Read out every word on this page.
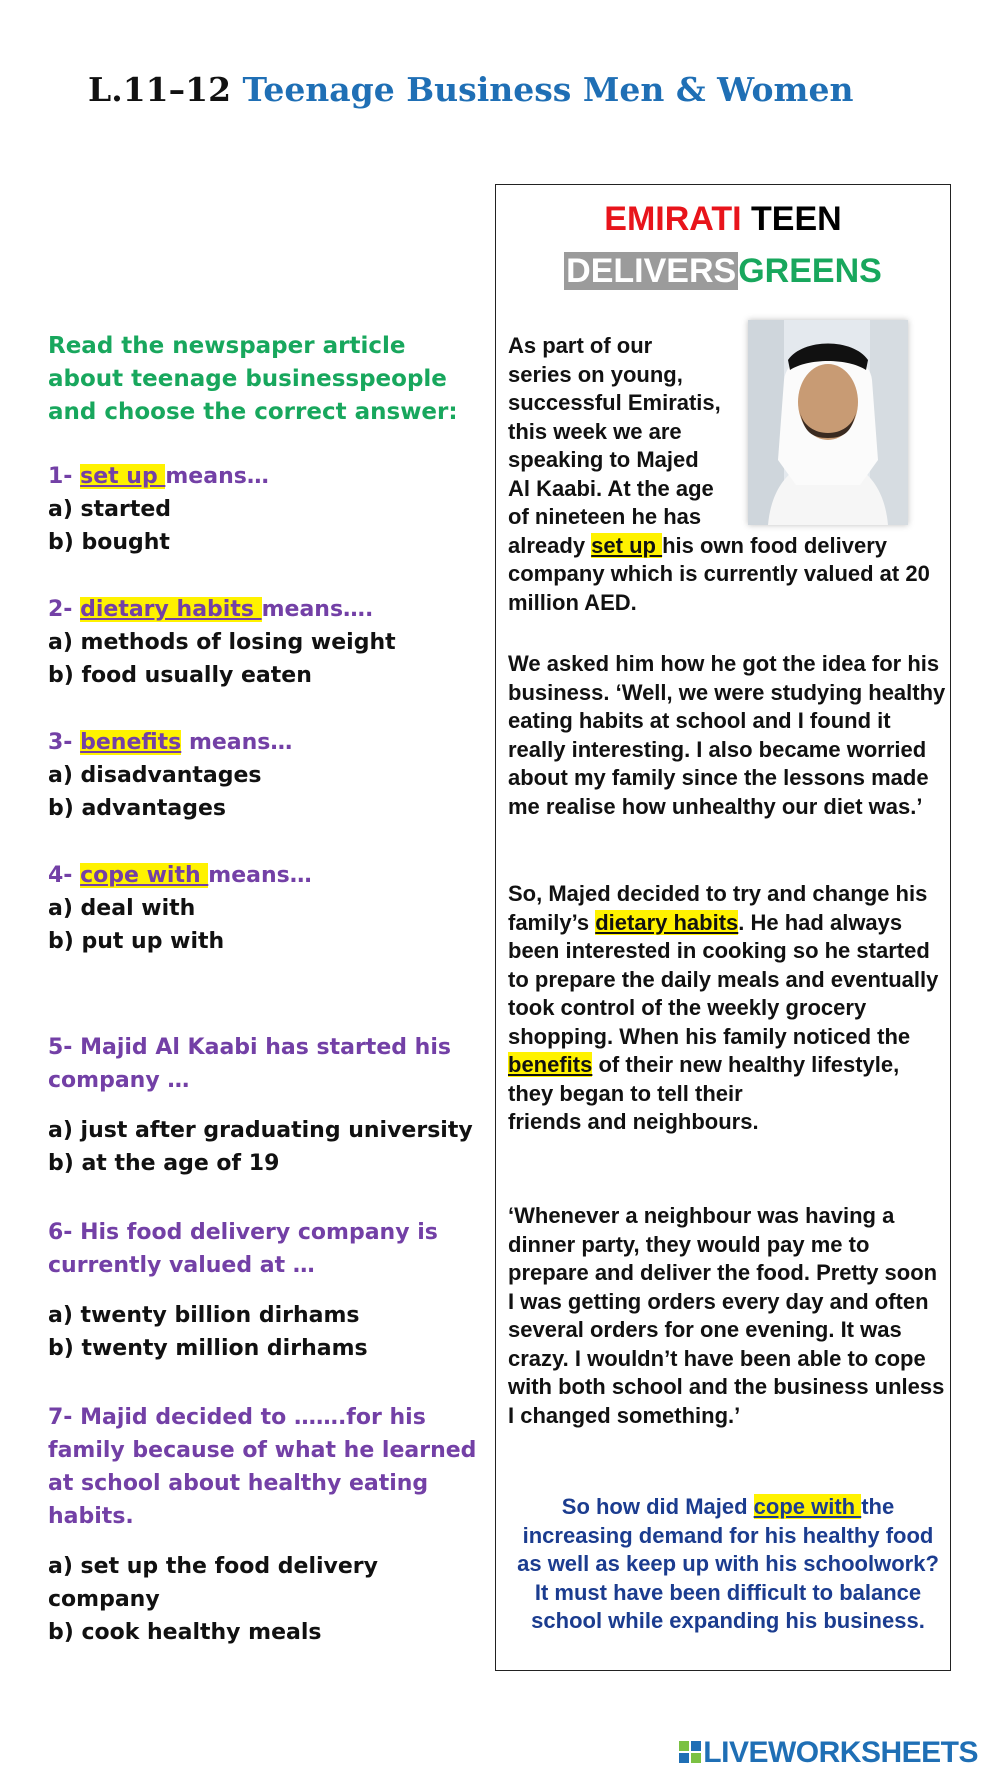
L.11–12 Teenage Business Men & Women
Read the newspaper article about teenage businesspeople and choose the correct answer:
1- set up means…
a) started
b) bought
2- dietary habits means….
a) methods of losing weight
b) food usually eaten
3- benefits means…
a) disadvantages
b) advantages
4- cope with means…
a) deal with
b) put up with
5- Majid Al Kaabi has started his company …
a) just after graduating university
b) at the age of 19
6- His food delivery company is currently valued at …
a) twenty billion dirhams
b) twenty million dirhams
7- Majid decided to …….for his family because of what he learned at school about healthy eating habits.
a) set up the food delivery company
b) cook healthy meals
EMIRATI TEEN
DELIVERSGREENS
As part of our
series on young,
successful Emiratis,
this week we are
speaking to Majed
Al Kaabi. At the age
of nineteen he has
already set up his own food delivery company which is currently valued at 20 million AED.
We asked him how he got the idea for his business. ‘Well, we were studying healthy eating habits at school and I found it really interesting. I also became worried about my family since the lessons made me realise how unhealthy our diet was.’
So, Majed decided to try and change his family’s dietary habits. He had always been interested in cooking so he started to prepare the daily meals and eventually took control of the weekly grocery shopping. When his family noticed the benefits of their new healthy lifestyle, they began to tell their
friends and neighbours.
‘Whenever a neighbour was having a dinner party, they would pay me to prepare and deliver the food. Pretty soon I was getting orders every day and often several orders for one evening. It was crazy. I wouldn’t have been able to cope with both school and the business unless I changed something.’
So how did Majed cope with the increasing demand for his healthy food as well as keep up with his schoolwork? It must have been difficult to balance school while expanding his business.
LIVEWORKSHEETS
